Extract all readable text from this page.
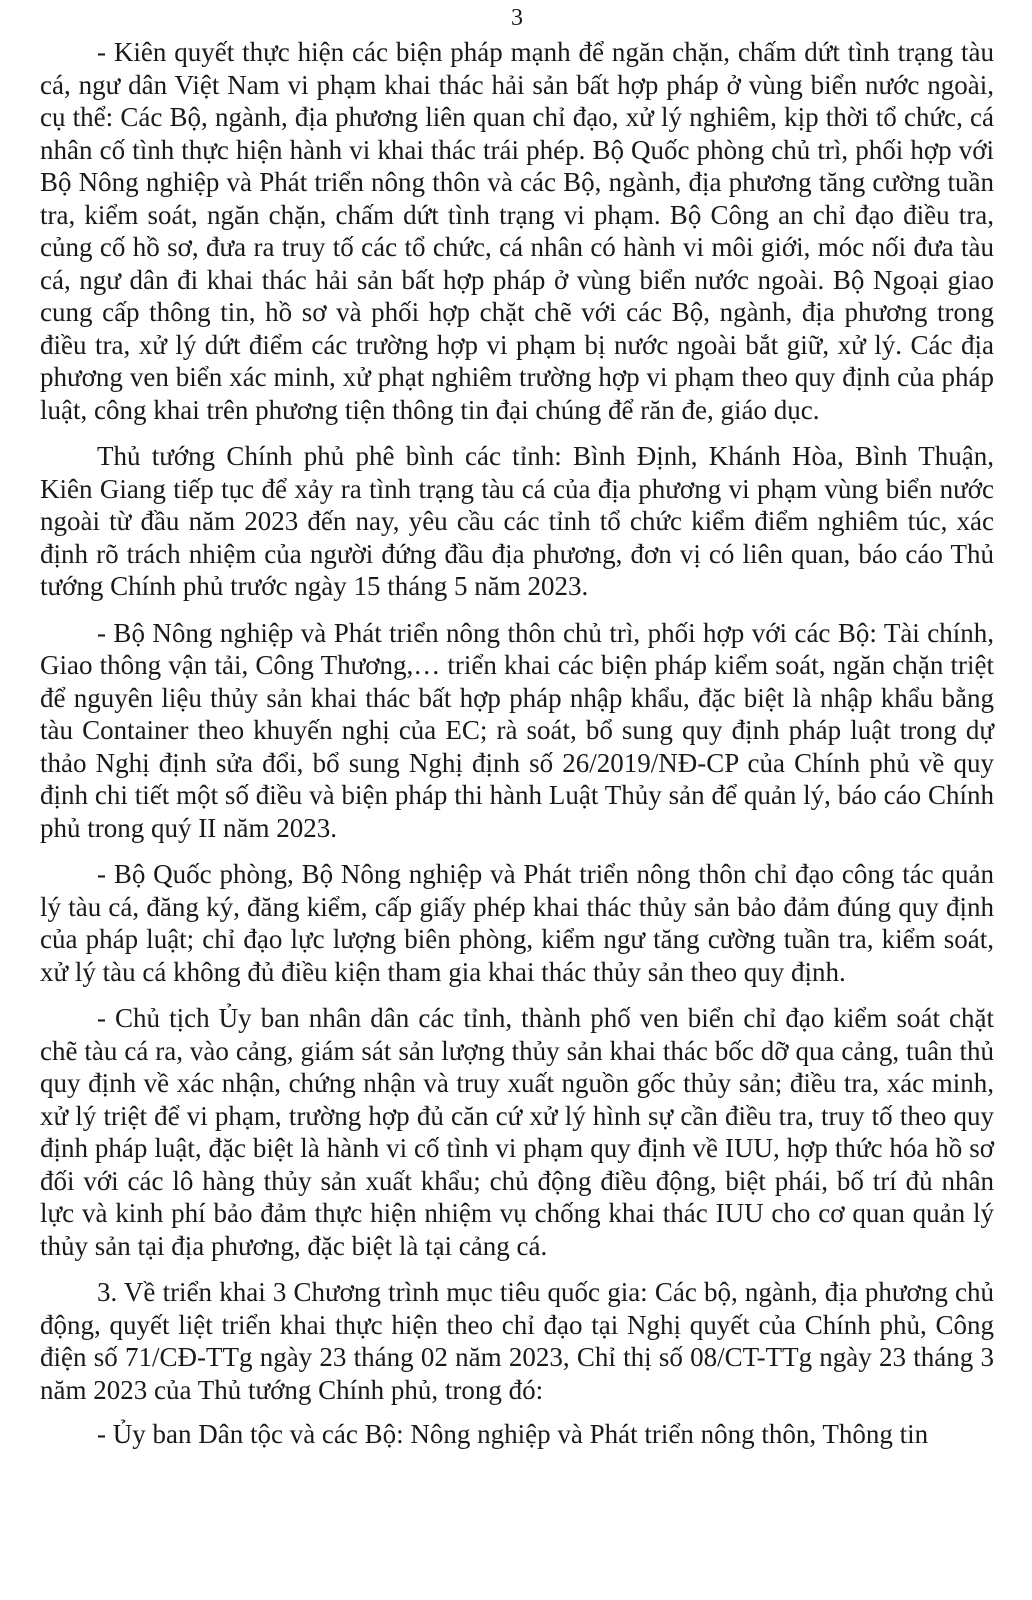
3

- Kiên quyết thực hiện các biện pháp mạnh để ngăn chặn, chấm dứt tình trạng tàu cá, ngư dân Việt Nam vi phạm khai thác hải sản bất hợp pháp ở vùng biển nước ngoài, cụ thể: Các Bộ, ngành, địa phương liên quan chỉ đạo, xử lý nghiêm, kịp thời tổ chức, cá nhân cố tình thực hiện hành vi khai thác trái phép. Bộ Quốc phòng chủ trì, phối hợp với Bộ Nông nghiệp và Phát triển nông thôn và các Bộ, ngành, địa phương tăng cường tuần tra, kiểm soát, ngăn chặn, chấm dứt tình trạng vi phạm. Bộ Công an chỉ đạo điều tra, củng cố hồ sơ, đưa ra truy tố các tổ chức, cá nhân có hành vi môi giới, móc nối đưa tàu cá, ngư dân đi khai thác hải sản bất hợp pháp ở vùng biển nước ngoài. Bộ Ngoại giao cung cấp thông tin, hồ sơ và phối hợp chặt chẽ với các Bộ, ngành, địa phương trong điều tra, xử lý dứt điểm các trường hợp vi phạm bị nước ngoài bắt giữ, xử lý. Các địa phương ven biển xác minh, xử phạt nghiêm trường hợp vi phạm theo quy định của pháp luật, công khai trên phương tiện thông tin đại chúng để răn đe, giáo dục.

Thủ tướng Chính phủ phê bình các tỉnh: Bình Định, Khánh Hòa, Bình Thuận, Kiên Giang tiếp tục để xảy ra tình trạng tàu cá của địa phương vi phạm vùng biển nước ngoài từ đầu năm 2023 đến nay, yêu cầu các tỉnh tổ chức kiểm điểm nghiêm túc, xác định rõ trách nhiệm của người đứng đầu địa phương, đơn vị có liên quan, báo cáo Thủ tướng Chính phủ trước ngày 15 tháng 5 năm 2023.

- Bộ Nông nghiệp và Phát triển nông thôn chủ trì, phối hợp với các Bộ: Tài chính, Giao thông vận tải, Công Thương,… triển khai các biện pháp kiểm soát, ngăn chặn triệt để nguyên liệu thủy sản khai thác bất hợp pháp nhập khẩu, đặc biệt là nhập khẩu bằng tàu Container theo khuyến nghị của EC; rà soát, bổ sung quy định pháp luật trong dự thảo Nghị định sửa đổi, bổ sung Nghị định số 26/2019/NĐ-CP của Chính phủ về quy định chi tiết một số điều và biện pháp thi hành Luật Thủy sản để quản lý, báo cáo Chính phủ trong quý II năm 2023.

- Bộ Quốc phòng, Bộ Nông nghiệp và Phát triển nông thôn chỉ đạo công tác quản lý tàu cá, đăng ký, đăng kiểm, cấp giấy phép khai thác thủy sản bảo đảm đúng quy định của pháp luật; chỉ đạo lực lượng biên phòng, kiểm ngư tăng cường tuần tra, kiểm soát, xử lý tàu cá không đủ điều kiện tham gia khai thác thủy sản theo quy định.

- Chủ tịch Ủy ban nhân dân các tỉnh, thành phố ven biển chỉ đạo kiểm soát chặt chẽ tàu cá ra, vào cảng, giám sát sản lượng thủy sản khai thác bốc dỡ qua cảng, tuân thủ quy định về xác nhận, chứng nhận và truy xuất nguồn gốc thủy sản; điều tra, xác minh, xử lý triệt để vi phạm, trường hợp đủ căn cứ xử lý hình sự cần điều tra, truy tố theo quy định pháp luật, đặc biệt là hành vi cố tình vi phạm quy định về IUU, hợp thức hóa hồ sơ đối với các lô hàng thủy sản xuất khẩu; chủ động điều động, biệt phái, bố trí đủ nhân lực và kinh phí bảo đảm thực hiện nhiệm vụ chống khai thác IUU cho cơ quan quản lý thủy sản tại địa phương, đặc biệt là tại cảng cá.

3. Về triển khai 3 Chương trình mục tiêu quốc gia: Các bộ, ngành, địa phương chủ động, quyết liệt triển khai thực hiện theo chỉ đạo tại Nghị quyết của Chính phủ, Công điện số 71/CĐ-TTg ngày 23 tháng 02 năm 2023, Chỉ thị số 08/CT-TTg ngày 23 tháng 3 năm 2023 của Thủ tướng Chính phủ, trong đó:

- Ủy ban Dân tộc và các Bộ: Nông nghiệp và Phát triển nông thôn, Thông tin
